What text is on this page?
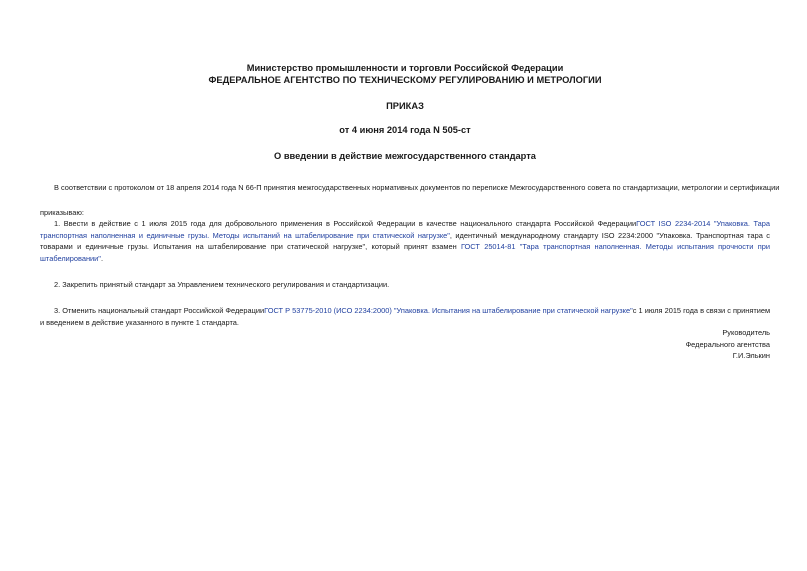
Министерство промышленности и торговли Российской Федерации

ФЕДЕРАЛЬНОЕ АГЕНТСТВО ПО ТЕХНИЧЕСКОМУ РЕГУЛИРОВАНИЮ И МЕТРОЛОГИИ

ПРИКАЗ

от 4 июня 2014 года N 505-ст

О введении в действие межгосударственного стандарта

В соответствии с протоколом от 18 апреля 2014 года N 66-П принятия межгосударственных нормативных документов по переписке Межгосударственного совета по стандартизации, метрологии и сертификации

приказываю:

1. Ввести в действие с 1 июля 2015 года для добровольного применения в Российской Федерации в качестве национального стандарта Российской ФедерацииГОСТ ISO 2234-2014 "Упаковка. Тара транспортная наполненная и единичные грузы. Методы испытаний на штабелирование при статической нагрузке", идентичный международному стандарту ISO 2234:2000 "Упаковка. Транспортная тара с товарами и единичные грузы. Испытания на штабелирование при статической нагрузке", который принят взамен ГОСТ 25014-81 "Тара транспортная наполненная. Методы испытания прочности при штабелировании".

2. Закрепить принятый стандарт за Управлением технического регулирования и стандартизации.

3. Отменить национальный стандарт Российской ФедерацииГОСТ Р 53775-2010 (ИСО 2234:2000) "Упаковка. Испытания на штабелирование при статической нагрузке"с 1 июля 2015 года в связи с принятием и введением в действие указанного в пункте 1 стандарта.

Руководитель
Федерального агентства
Г.И.Элькин
